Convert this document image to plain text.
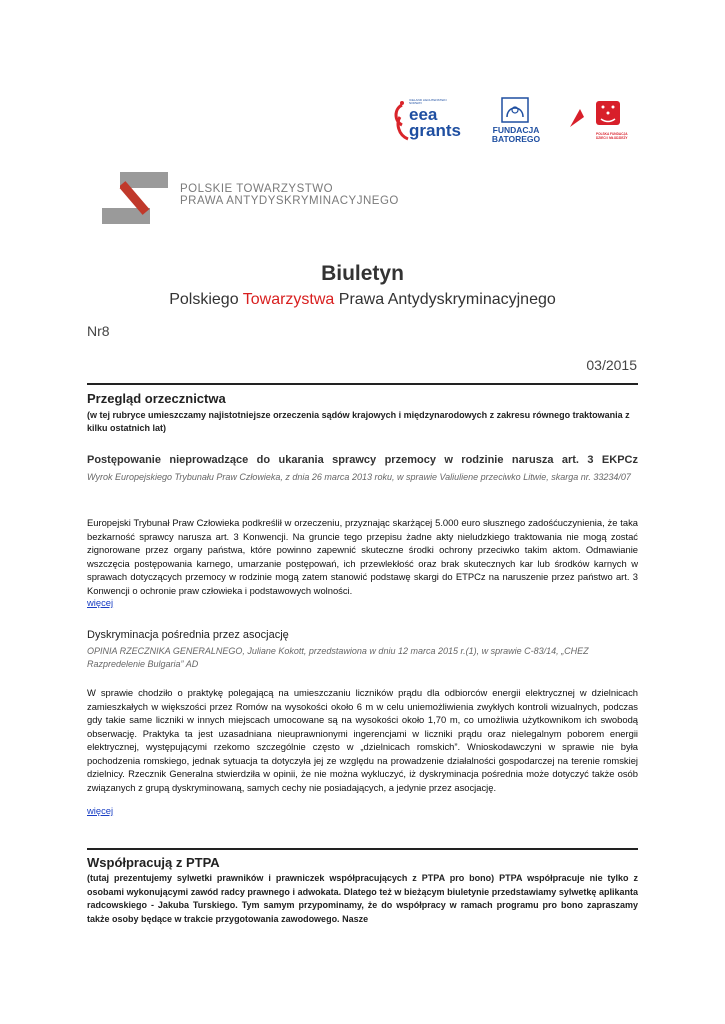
ICELAND LIECHTENSTEIN NORWAY
eea
grants	FUNDACJA
BATOREGO	POLSKA FUNDACJA DZIECI I MŁODZIEŻY
POLSKIE TOWARZYSTWO
PRAWA ANTYDYSKRYMINACYJNEGO
Biuletyn
Polskiego Towarzystwa Prawa Antydyskryminacyjnego
Nr8
03/2015
Przegląd orzecznictwa
(w tej rubryce umieszczamy najistotniejsze orzeczenia sądów krajowych i międzynarodowych z zakresu równego traktowania z kilku ostatnich lat)
Postępowanie nieprowadzące do ukarania sprawcy przemocy w rodzinie narusza art. 3 EKPCz
Wyrok Europejskiego Trybunału Praw Człowieka, z dnia 26 marca 2013 roku, w sprawie Valiuliene przeciwko Litwie, skarga nr. 33234/07
Europejski Trybunał Praw Człowieka podkreślił w orzeczeniu, przyznając skarżącej 5.000 euro słusznego zadośćuczynienia, że taka bezkarność sprawcy narusza art. 3 Konwencji. Na gruncie tego przepisu żadne akty nieludzkiego traktowania nie mogą zostać zignorowane przez organy państwa, które powinno zapewnić skuteczne środki ochrony przeciwko takim aktom. Odmawianie wszczęcia postępowania karnego, umarzanie postępowań, ich przewlekłość oraz brak skutecznych kar lub środków karnych w sprawach dotyczących przemocy w rodzinie mogą zatem stanowić podstawę skargi do ETPCz na naruszenie przez państwo art. 3 Konwencji o ochronie praw człowieka i podstawowych wolności.
więcej
Dyskryminacja pośrednia przez asocjację
OPINIA RZECZNIKA GENERALNEGO, Juliane Kokott, przedstawiona w dniu 12 marca 2015 r.(1), w sprawie C-83/14, „CHEZ Razpredelenie Bulgaria” AD
W sprawie chodziło o praktykę polegającą na umieszczaniu liczników prądu dla odbiorców energii elektrycznej w dzielnicach zamieszkałych w większości przez Romów na wysokości około 6 m w celu uniemożliwienia zwykłych kontroli wizualnych, podczas gdy takie same liczniki w innych miejscach umocowane są na wysokości około 1,70 m, co umożliwia użytkownikom ich swobodą obserwację. Praktyka ta jest uzasadniana nieuprawnionymi ingerencjami w liczniki prądu oraz nielegalnym poborem energii elektrycznej, występującymi rzekomo szczególnie często w „dzielnicach romskich”. Wnioskodawczyni w sprawie nie była pochodzenia romskiego, jednak sytuacja ta dotyczyła jej ze względu na prowadzenie działalności gospodarczej na terenie romskiej dzielnicy. Rzecznik Generalna stwierdziła w opinii, że nie można wykluczyć, iż dyskryminacja pośrednia może dotyczyć także osób związanych z grupą dyskryminowaną, samych cechy nie posiadających, a jedynie przez asocjację.
więcej
Współpracują z PTPA
(tutaj prezentujemy sylwetki prawników i prawniczek współpracujących z PTPA pro bono) PTPA współpracuje nie tylko z osobami wykonującymi zawód radcy prawnego i adwokata. Dlatego też w bieżącym biuletynie przedstawiamy sylwetkę aplikanta radcowskiego - Jakuba Turskiego. Tym samym przypominamy, że do współpracy w ramach programu pro bono zapraszamy także osoby będące w trakcie przygotowania zawodowego. Nasze
